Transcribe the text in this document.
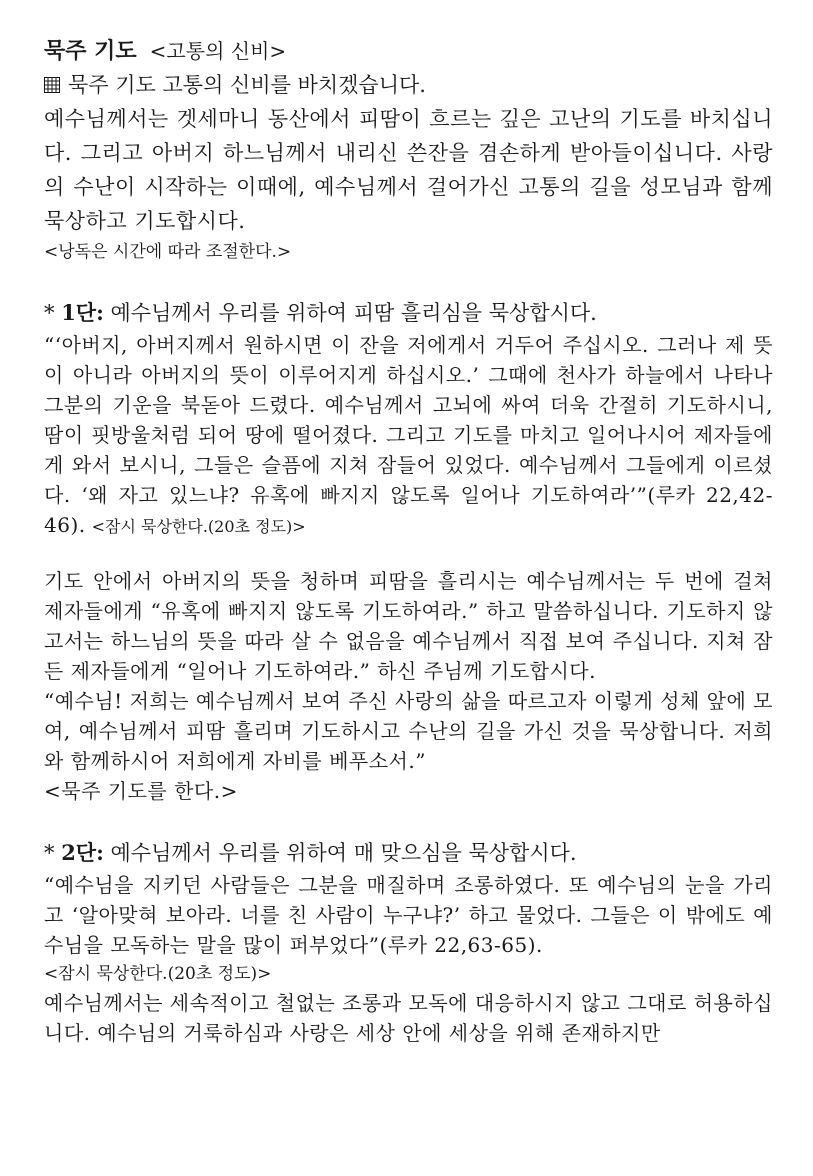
묵주 기도 <고통의 신비>
묵주 기도 고통의 신비를 바치겠습니다.

예수님께서는 겟세마니 동산에서 피땀이 흐르는 깊은 고난의 기도를 바치십니다. 그리고 아버지 하느님께서 내리신 쓴잔을 겸손하게 받아들이십니다. 사랑의 수난이 시작하는 이때에, 예수님께서 걸어가신 고통의 길을 성모님과 함께 묵상하고 기도합시다.

<낭독은 시간에 따라 조절한다.>

* 1단: 예수님께서 우리를 위하여 피땀 흘리심을 묵상합시다.

“‘아버지, 아버지께서 원하시면 이 잔을 저에게서 거두어 주십시오. 그러나 제 뜻이 아니라 아버지의 뜻이 이루어지게 하십시오.’ 그때에 천사가 하늘에서 나타나 그분의 기운을 북돋아 드렸다. 예수님께서 고뇌에 싸여 더욱 간절히 기도하시니, 땀이 핏방울처럼 되어 땅에 떨어졌다. 그리고 기도를 마치고 일어나시어 제자들에게 와서 보시니, 그들은 슬픔에 지쳐 잠들어 있었다. 예수님께서 그들에게 이르셨다. ‘왜 자고 있느냐? 유혹에 빠지지 않도록 일어나 기도하여라’”(루카 22,42-46). <잠시 묵상한다.(20초 정도)>

기도 안에서 아버지의 뜻을 청하며 피땀을 흘리시는 예수님께서는 두 번에 걸쳐 제자들에게 “유혹에 빠지지 않도록 기도하여라.” 하고 말씀하십니다. 기도하지 않고서는 하느님의 뜻을 따라 살 수 없음을 예수님께서 직접 보여 주십니다. 지쳐 잠든 제자들에게 “일어나 기도하여라.” 하신 주님께 기도합시다.

“예수님! 저희는 예수님께서 보여 주신 사랑의 삶을 따르고자 이렇게 성체 앞에 모여, 예수님께서 피땀 흘리며 기도하시고 수난의 길을 가신 것을 묵상합니다. 저희와 함께하시어 저희에게 자비를 베푸소서.”

<묵주 기도를 한다.>

* 2단: 예수님께서 우리를 위하여 매 맞으심을 묵상합시다.

“예수님을 지키던 사람들은 그분을 매질하며 조롱하였다. 또 예수님의 눈을 가리고 ‘알아맞혀 보아라. 너를 친 사람이 누구냐?’ 하고 물었다. 그들은 이 밖에도 예수님을 모독하는 말을 많이 퍼부었다”(루카 22,63-65).

<잠시 묵상한다.(20초 정도)>

예수님께서는 세속적이고 철없는 조롱과 모독에 대응하시지 않고 그대로 허용하십니다. 예수님의 거룩하심과 사랑은 세상 안에 세상을 위해 존재하지만
